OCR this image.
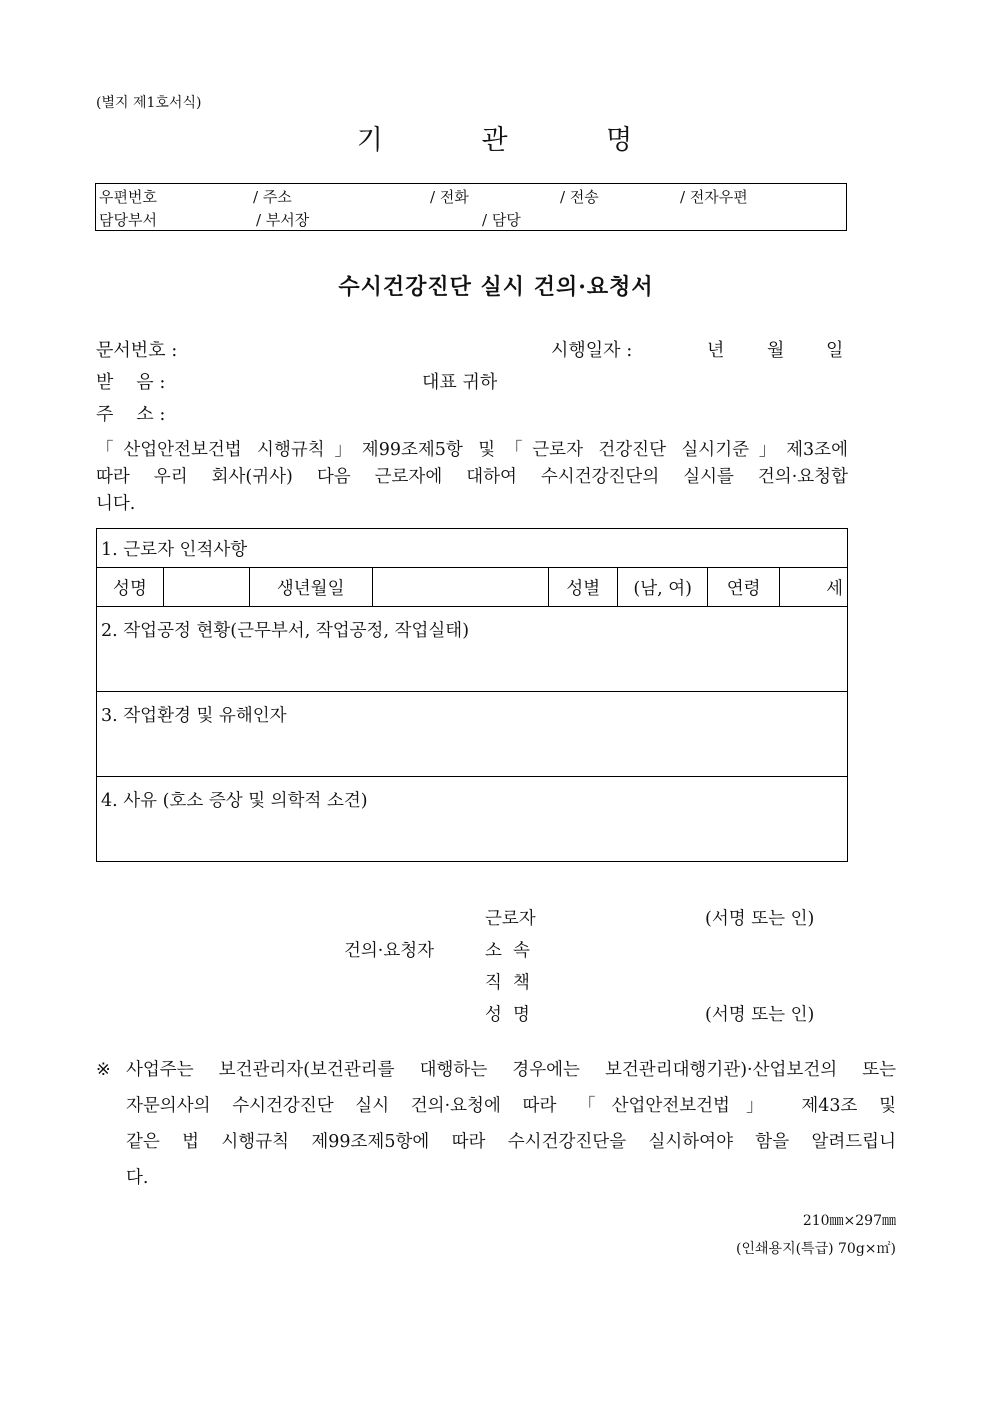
(별지 제1호서식)
기	관	명
우편번호	/ 주소	/ 전화	/ 전송	/ 전자우편
담당부서	/ 부서장	/ 담당
수시건강진단 실시 건의·요청서
문서번호 :	시행일자 :	년 월 일
받    음 :	대표 귀하
주    소 :
「산업안전보건법 시행규칙」제99조제5항 및「근로자 건강진단 실시기준」제3조에
따라 우리 회사(귀사) 다음 근로자에 대하여 수시건강진단의 실시를 건의·요청합
니다.
1. 근로자 인적사항
성명		생년월일		성별	(남, 여)	연령	세
2. 작업공정 현황(근무부서, 작업공정, 작업실태)
3. 작업환경 및 유해인자
4. 사유 (호소 증상 및 의학적 소견)
근로자	(서명 또는 인)
건의·요청자	소  속
직  책
성  명	(서명 또는 인)
※ 사업주는 보건관리자(보건관리를 대행하는 경우에는 보건관리대행기관)·산업보건의 또는
자문의사의 수시건강진단 실시 건의·요청에 따라 「산업안전보건법」 제43조 및
같은 법 시행규칙 제99조제5항에 따라 수시건강진단을 실시하여야 함을 알려드립니
다.
210㎜×297㎜
(인쇄용지(특급) 70g×㎡)
